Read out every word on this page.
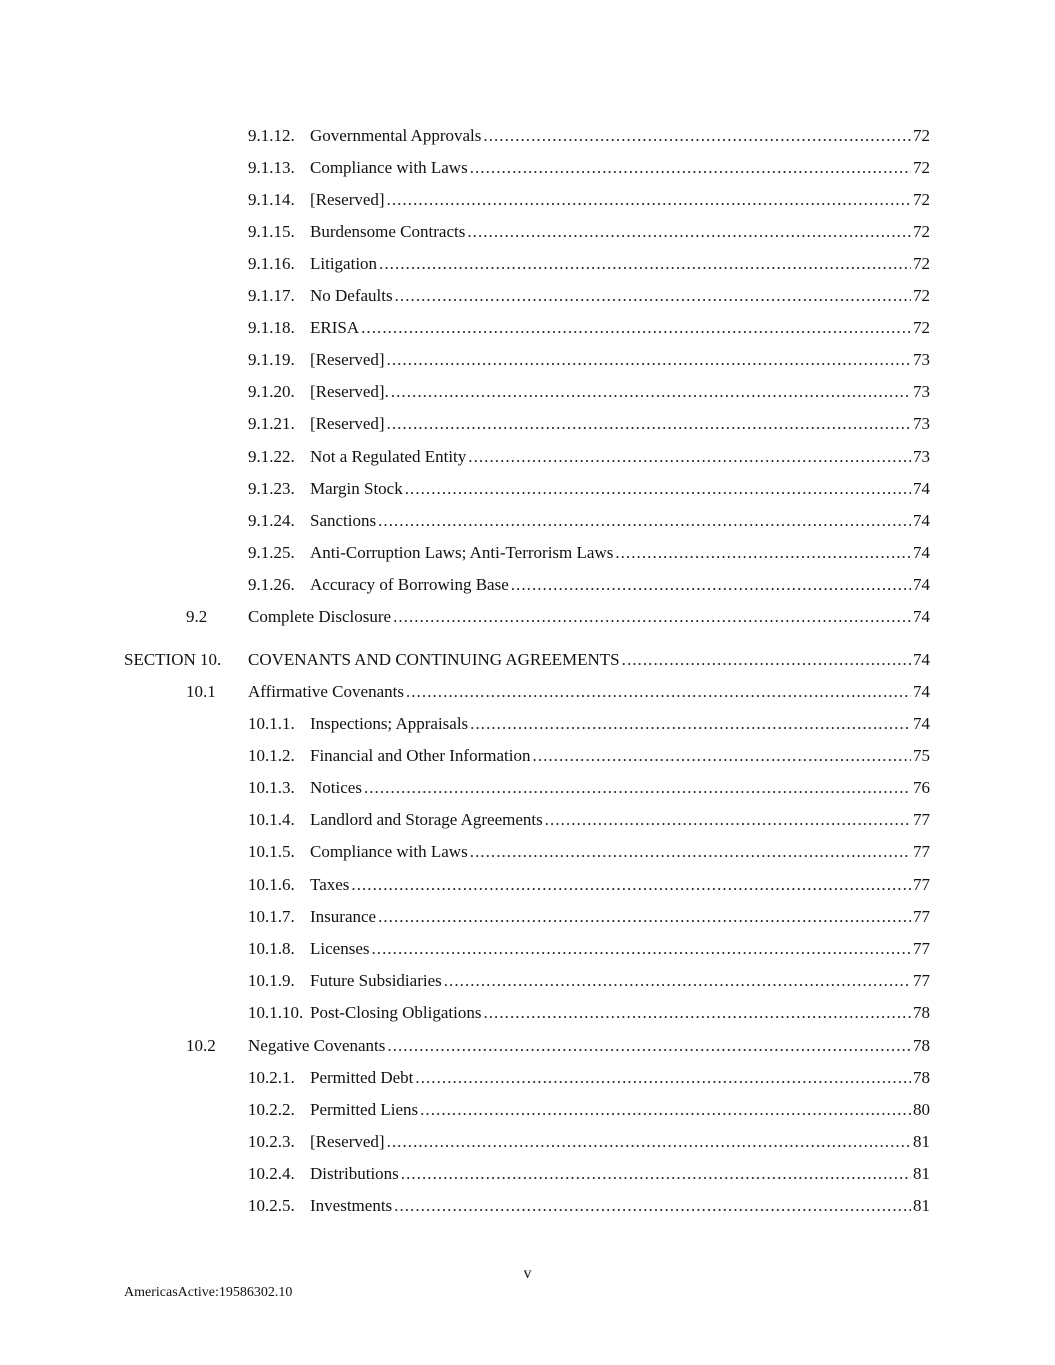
9.1.12. Governmental Approvals . . .	72
9.1.13. Compliance with Laws . . .	72
9.1.14. [Reserved] . . .	72
9.1.15. Burdensome Contracts . . .	72
9.1.16. Litigation . . .	72
9.1.17. No Defaults . . .	72
9.1.18. ERISA . . .	72
9.1.19. [Reserved] . . .	73
9.1.20. [Reserved]. . . .	73
9.1.21. [Reserved] . . .	73
9.1.22. Not a Regulated Entity . . .	73
9.1.23. Margin Stock . . .	74
9.1.24. Sanctions . . .	74
9.1.25. Anti-Corruption Laws; Anti-Terrorism Laws . . .	74
9.1.26. Accuracy of Borrowing Base . . .	74
9.2	Complete Disclosure . . .	74
SECTION 10.	COVENANTS AND CONTINUING AGREEMENTS . . .	74
10.1	Affirmative Covenants . . .	74
10.1.1. Inspections; Appraisals . . .	74
10.1.2. Financial and Other Information . . .	75
10.1.3. Notices . . .	76
10.1.4. Landlord and Storage Agreements . . .	77
10.1.5. Compliance with Laws . . .	77
10.1.6. Taxes . . .	77
10.1.7. Insurance . . .	77
10.1.8. Licenses . . .	77
10.1.9. Future Subsidiaries . . .	77
10.1.10. Post-Closing Obligations . . .	78
10.2	Negative Covenants . . .	78
10.2.1. Permitted Debt . . .	78
10.2.2. Permitted Liens . . .	80
10.2.3. [Reserved] . . .	81
10.2.4. Distributions . . .	81
10.2.5. Investments . . .	81
v
AmericasActive:19586302.10
